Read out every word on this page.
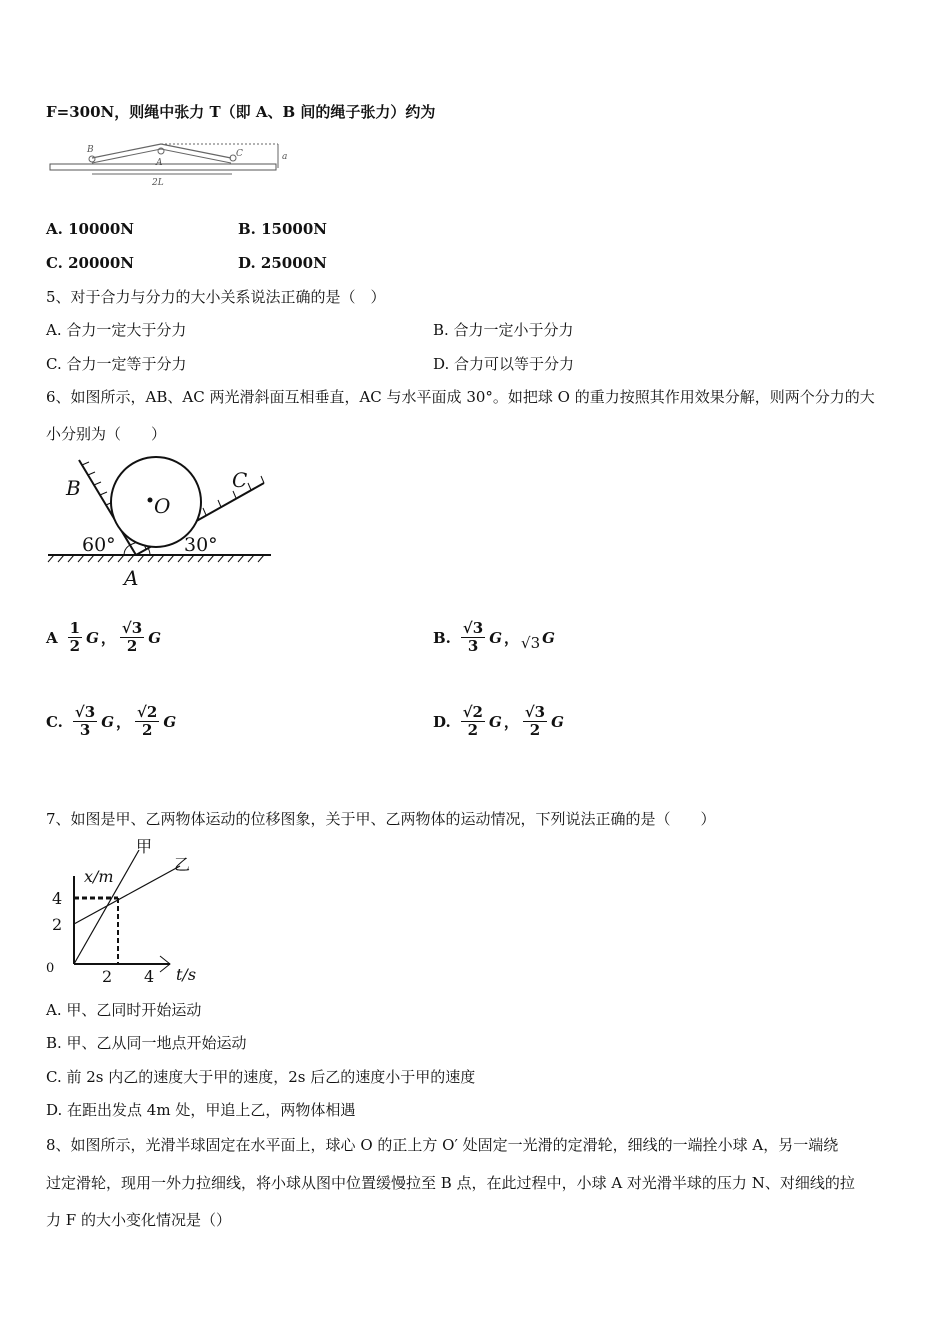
F=300N，则绳中张力 T（即 A、B 间的绳子张力）约为
B
A
C	a
2L
A. 10000N	B. 15000N
C. 20000N	D. 25000N
5、对于合力与分力的大小关系说法正确的是（　）
A. 合力一定大于分力	B. 合力一定小于分力
C. 合力一定等于分力	D. 合力可以等于分力
6、如图所示，AB、AC 两光滑斜面互相垂直，AC 与水平面成 30°。如把球 O 的重力按照其作用效果分解，则两个分力的大
小分别为（　　）
B	C
O
60°	30°
A
A $\frac{1}{2}$ G ， $\frac{√3}{2}$ G	B. $\frac{√3}{3}$ G ， √3 G
C. $\frac{√3}{3}$ G ， $\frac{√2}{2}$ G	D. $\frac{√2}{2}$ G ， $\frac{√3}{2}$ G
7、如图是甲、乙两物体运动的位移图象，关于甲、乙两物体的运动情况，下列说法正确的是（　　）
甲
乙
x/m
t/s
4
2
0	2 4
A. 甲、乙同时开始运动
B. 甲、乙从同一地点开始运动
C. 前 2s 内乙的速度大于甲的速度，2s 后乙的速度小于甲的速度
D. 在距出发点 4m 处，甲追上乙，两物体相遇
8、如图所示，光滑半球固定在水平面上，球心 O 的正上方 O′ 处固定一光滑的定滑轮，细线的一端拴小球 A，另一端绕
过定滑轮，现用一外力拉细线，将小球从图中位置缓慢拉至 B 点，在此过程中，小球 A 对光滑半球的压力 N、对细线的拉
力 F 的大小变化情况是（）
